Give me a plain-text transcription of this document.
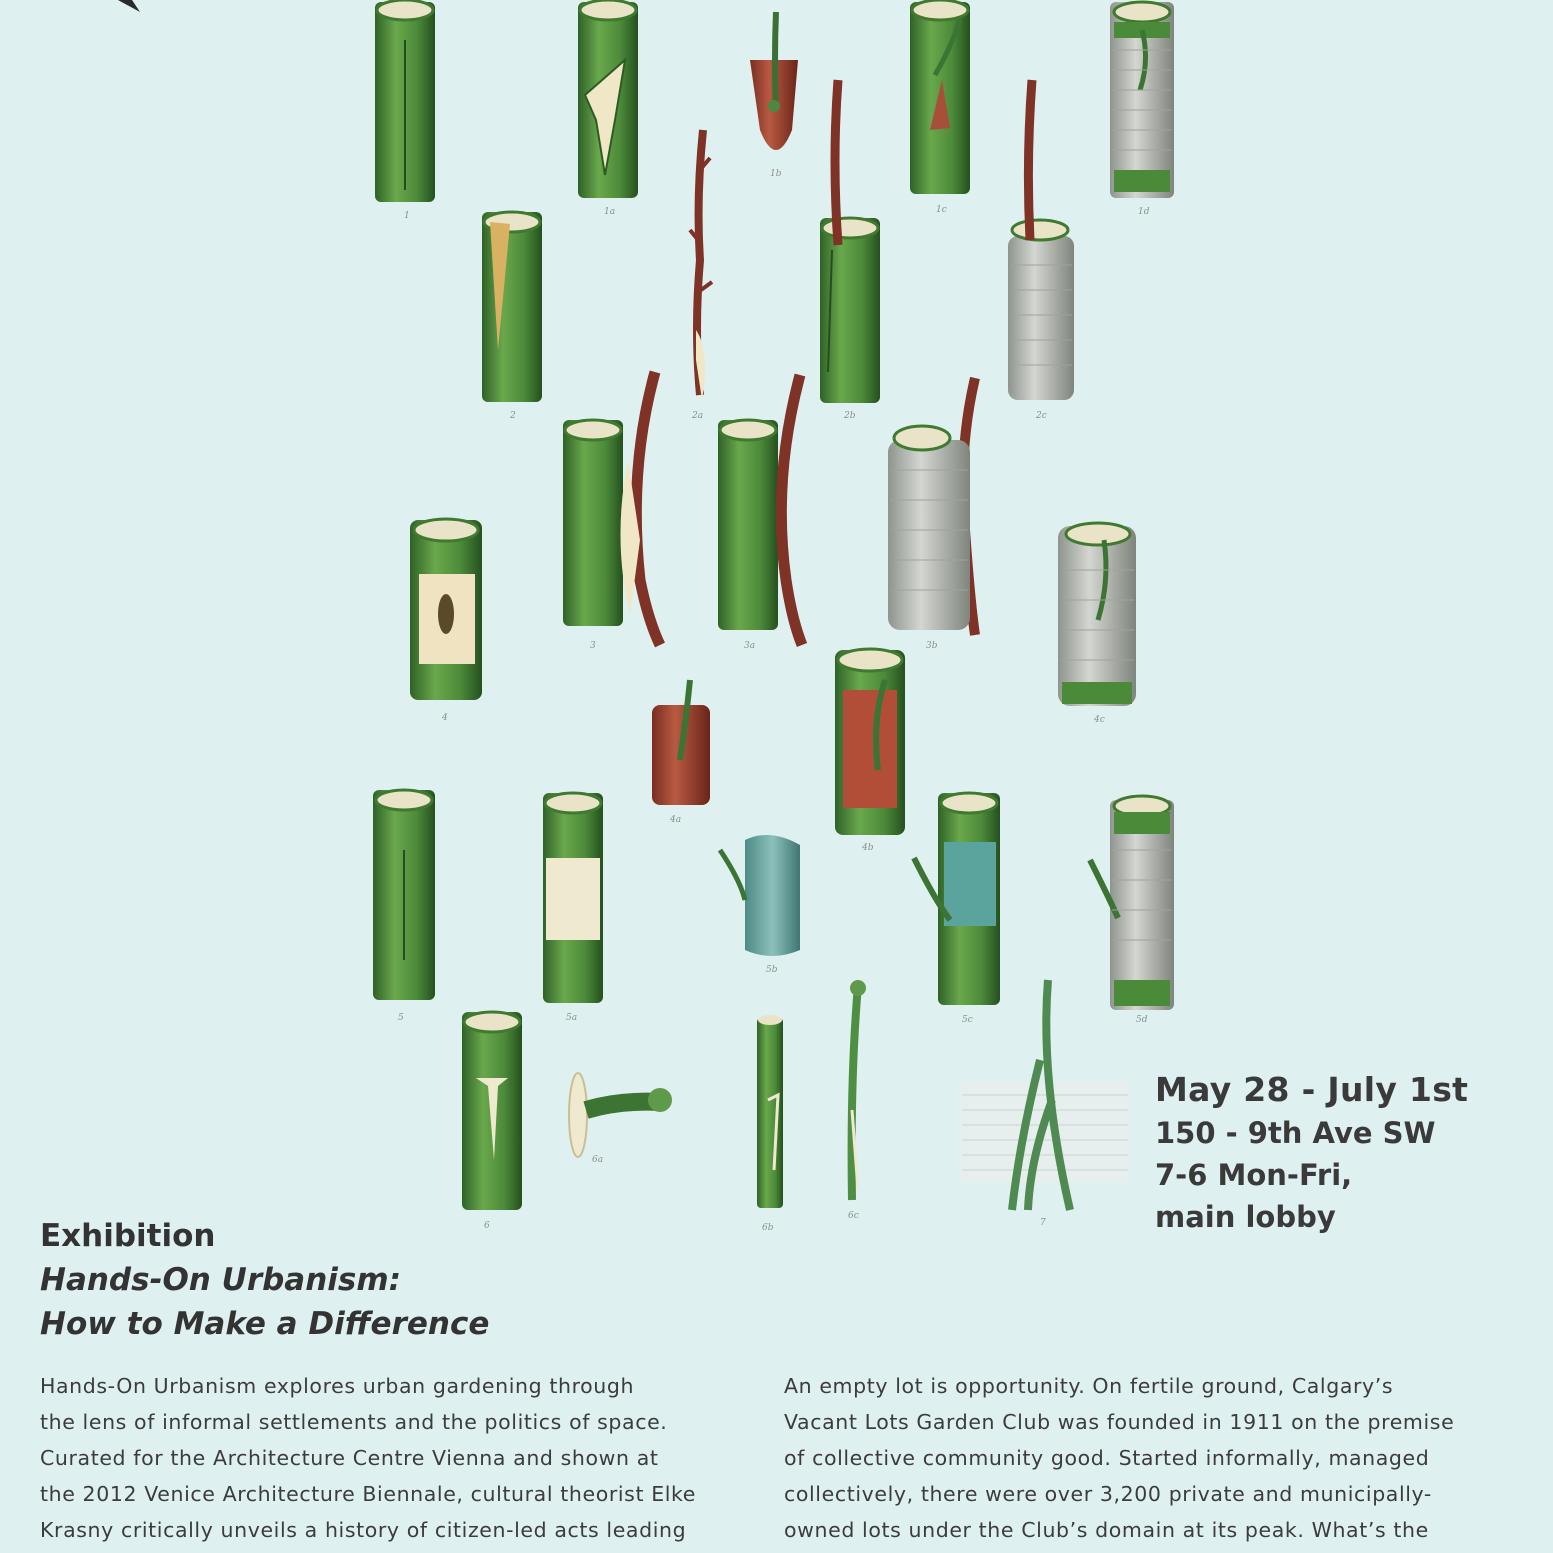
1	1a
1b
1c	1d
2	2a	2b	2c
3	3a	3b
4
4a
4b
4c
5	5a
5b
5c	5d
6
6a
6b
6c
7
May 28 - July 1st
150 - 9th Ave SW
7-6 Mon-Fri,
main lobby
Exhibition
Hands-On Urbanism:
How to Make a Difference

Hands-On Urbanism explores urban gardening through

the lens of informal settlements and the politics of space.

Curated for the Architecture Centre Vienna and shown at

the 2012 Venice Architecture Biennale, cultural theorist Elke

Krasny critically unveils a history of citizen-led acts leading

An empty lot is opportunity. On fertile ground, Calgary’s

Vacant Lots Garden Club was founded in 1911 on the premise

of collective community good. Started informally, managed

collectively, there were over 3,200 private and municipally-

owned lots under the Club’s domain at its peak. What’s the
